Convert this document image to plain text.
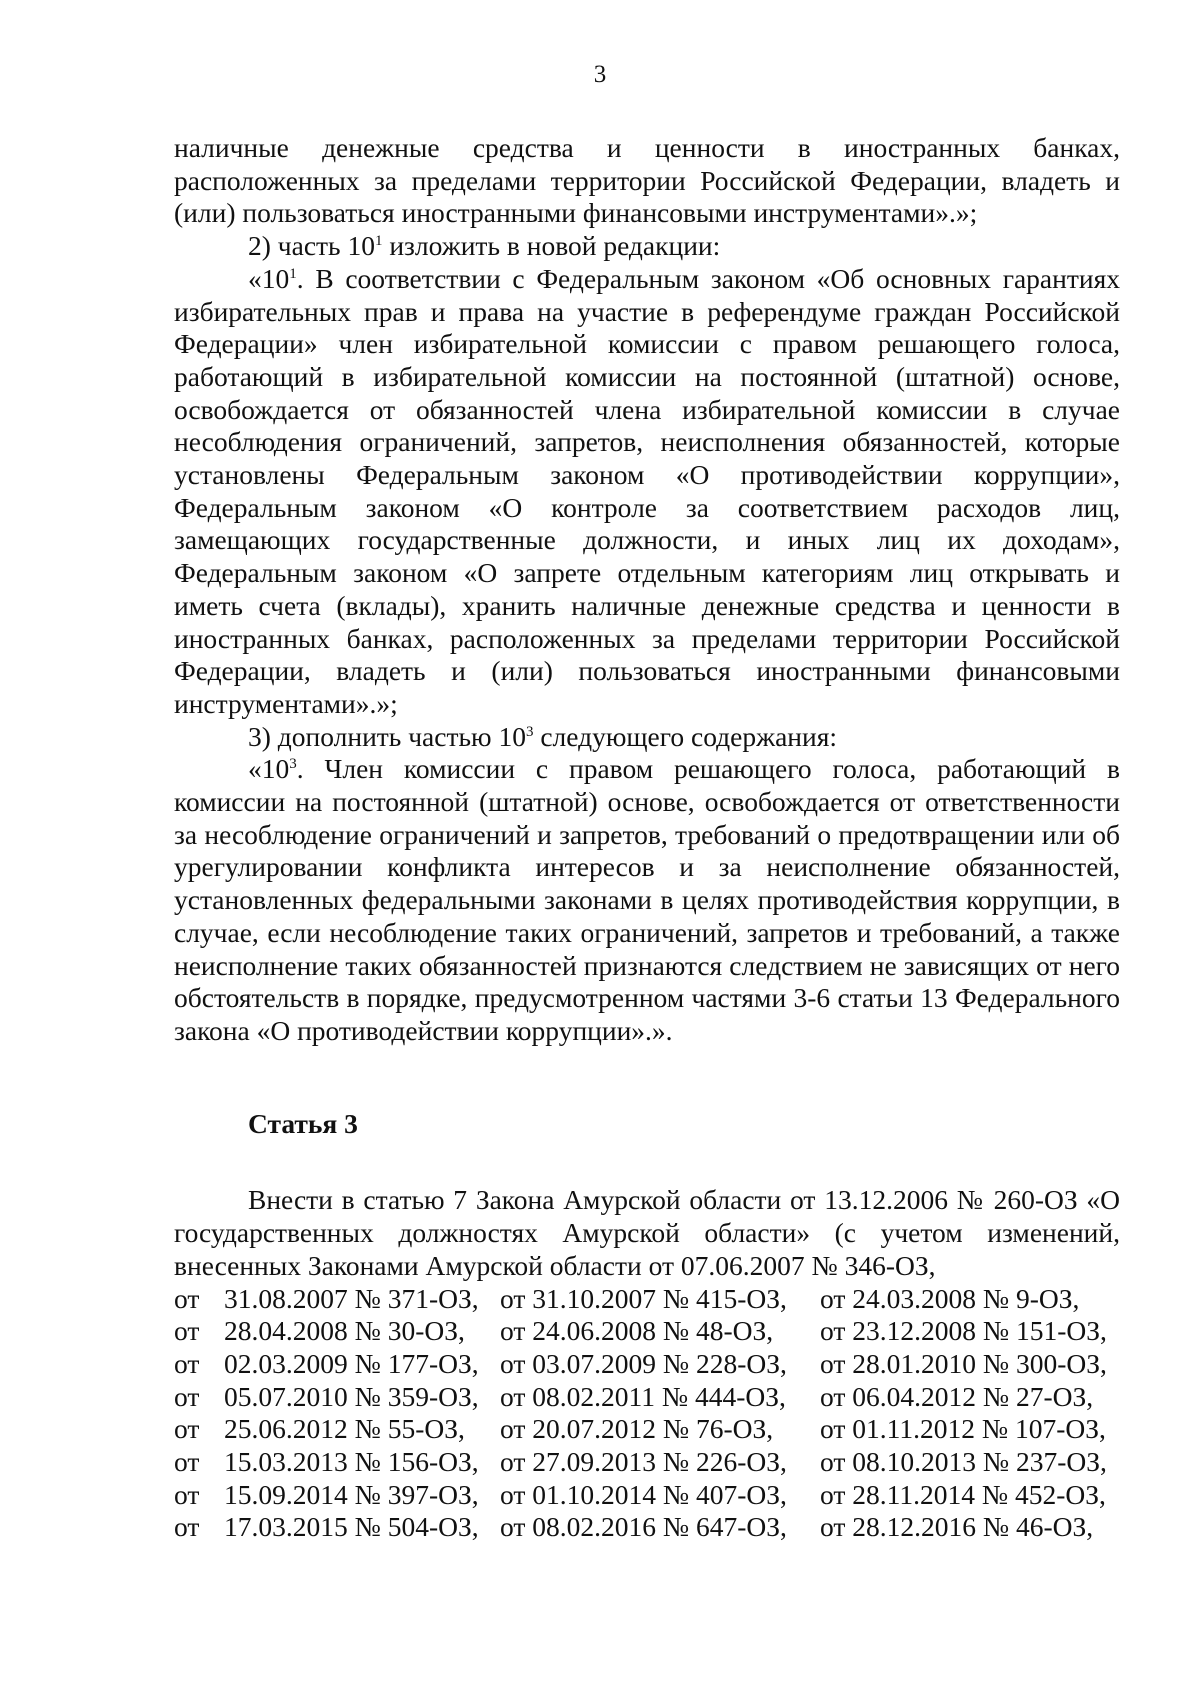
3

наличные денежные средства и ценности в иностранных банках, расположенных за пределами территории Российской Федерации, владеть и (или) пользоваться иностранными финансовыми инструментами».»;

2) часть $10^1$ изложить в новой редакции:

«$10^1$. В соответствии с Федеральным законом «Об основных гарантиях избирательных прав и права на участие в референдуме граждан Российской Федерации» член избирательной комиссии с правом решающего голоса, работающий в избирательной комиссии на постоянной (штатной) основе, освобождается от обязанностей члена избирательной комиссии в случае несоблюдения ограничений, запретов, неисполнения обязанностей, которые установлены Федеральным законом «О противодействии коррупции», Федеральным законом «О контроле за соответствием расходов лиц, замещающих государственные должности, и иных лиц их доходам», Федеральным законом «О запрете отдельным категориям лиц открывать и иметь счета (вклады), хранить наличные денежные средства и ценности в иностранных банках, расположенных за пределами территории Российской Федерации, владеть и (или) пользоваться иностранными финансовыми инструментами».»;

3) дополнить частью $10^3$ следующего содержания:

«$10^3$. Член комиссии с правом решающего голоса, работающий в комиссии на постоянной (штатной) основе, освобождается от ответственности за несоблюдение ограничений и запретов, требований о предотвращении или об урегулировании конфликта интересов и за неисполнение обязанностей, установленных федеральными законами в целях противодействия коррупции, в случае, если несоблюдение таких ограничений, запретов и требований, а также неисполнение таких обязанностей признаются следствием не зависящих от него обстоятельств в порядке, предусмотренном частями 3-6 статьи 13 Федерального закона «О противодействии коррупции».».

Статья 3

Внести в статью 7 Закона Амурской области от 13.12.2006 № 260-ОЗ «О государственных должностях Амурской области» (с учетом изменений, внесенных Законами Амурской области от 07.06.2007 № 346-ОЗ,

от	31.08.2007 № 371-ОЗ,	от 31.10.2007 № 415-ОЗ,	от 24.03.2008 № 9-ОЗ,
от	28.04.2008 № 30-ОЗ,	от 24.06.2008 № 48-ОЗ,	от 23.12.2008 № 151-ОЗ,
от	02.03.2009 № 177-ОЗ,	от 03.07.2009 № 228-ОЗ,	от 28.01.2010 № 300-ОЗ,
от	05.07.2010 № 359-ОЗ,	от 08.02.2011 № 444-ОЗ,	от 06.04.2012 № 27-ОЗ,
от	25.06.2012 № 55-ОЗ,	от 20.07.2012 № 76-ОЗ,	от 01.11.2012 № 107-ОЗ,
от	15.03.2013 № 156-ОЗ,	от 27.09.2013 № 226-ОЗ,	от 08.10.2013 № 237-ОЗ,
от	15.09.2014 № 397-ОЗ,	от 01.10.2014 № 407-ОЗ,	от 28.11.2014 № 452-ОЗ,
от	17.03.2015 № 504-ОЗ,	от 08.02.2016 № 647-ОЗ,	от 28.12.2016 № 46-ОЗ,
